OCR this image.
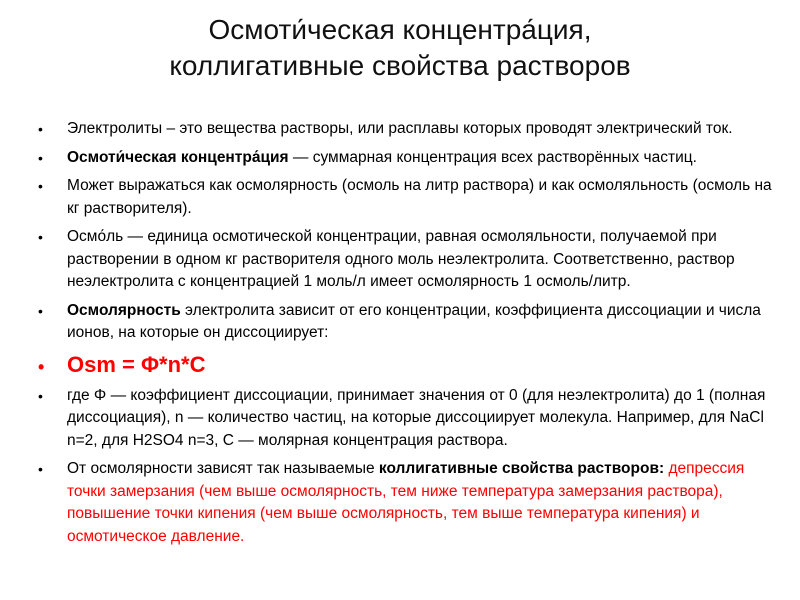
Осмоти́ческая концентра́ция,
коллигативные свойства растворов
• Электролиты – это вещества растворы, или расплавы которых проводят электрический ток.
• Осмоти́ческая концентра́ция — суммарная концентрация всех растворённых частиц.
• Может выражаться как осмолярность (осмоль на литр раствора) и как осмоляльность (осмоль на кг растворителя).
• Осмо́ль — единица осмотической концентрации, равная осмоляльности, получаемой при растворении в одном кг растворителя одного моль неэлектролита. Соответственно, раствор неэлектролита с концентрацией 1 моль/л имеет осмолярность 1 осмоль/литр.
• Осмолярность электролита зависит от его концентрации, коэффициента диссоциации и числа ионов, на которые он диссоциирует:
• Osm = Φ*n*C
• где Φ — коэффициент диссоциации, принимает значения от 0 (для неэлектролита) до 1 (полная диссоциация), n — количество частиц, на которые диссоциирует молекула. Например, для NaCl n=2, для H2SO4 n=3, С — молярная концентрация раствора.
• От осмолярности зависят так называемые коллигативные свойства растворов: депрессия точки замерзания (чем выше осмолярность, тем ниже температура замерзания раствора), повышение точки кипения (чем выше осмолярность, тем выше температура кипения) и осмотическое давление.
